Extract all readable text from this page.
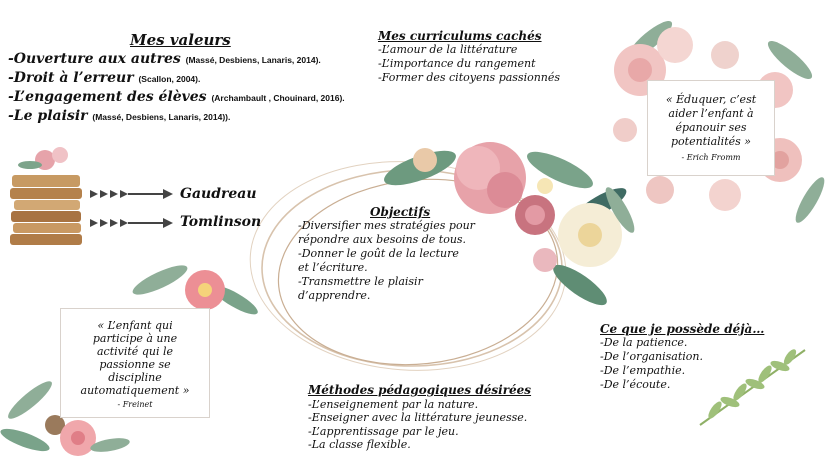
Mes valeurs
-Ouverture aux autres (Massé, Desbiens, Lanaris, 2014).
-Droit à l’erreur (Scallon, 2004).
-L’engagement des élèves (Archambault , Chouinard, 2016).
-Le plaisir (Massé, Desbiens, Lanaris, 2014)).
Mes curriculums cachés
-L’amour de la littérature
-L’importance du rangement
-Former des citoyens passionnés
« Éduquer, c’est
aider l’enfant à
épanouir ses
potentialités »
- Erich Fromm
Gaudreau
Tomlinson
Objectifs
-Diversifier mes stratégies pour
répondre aux besoins de tous.
-Donner le goût de la lecture
et l’écriture.
-Transmettre le plaisir
d’apprendre.
« L’enfant qui
participe à une
activité qui le
passionne se
discipline
automatiquement »
- Freinet
Ce que je possède déjà…
-De la patience.
-De l’organisation.
-De l’empathie.
-De l’écoute.
Méthodes pédagogiques désirées
-L’enseignement par la nature.
-Enseigner avec la littérature jeunesse.
-L’apprentissage par le jeu.
-La classe flexible.
